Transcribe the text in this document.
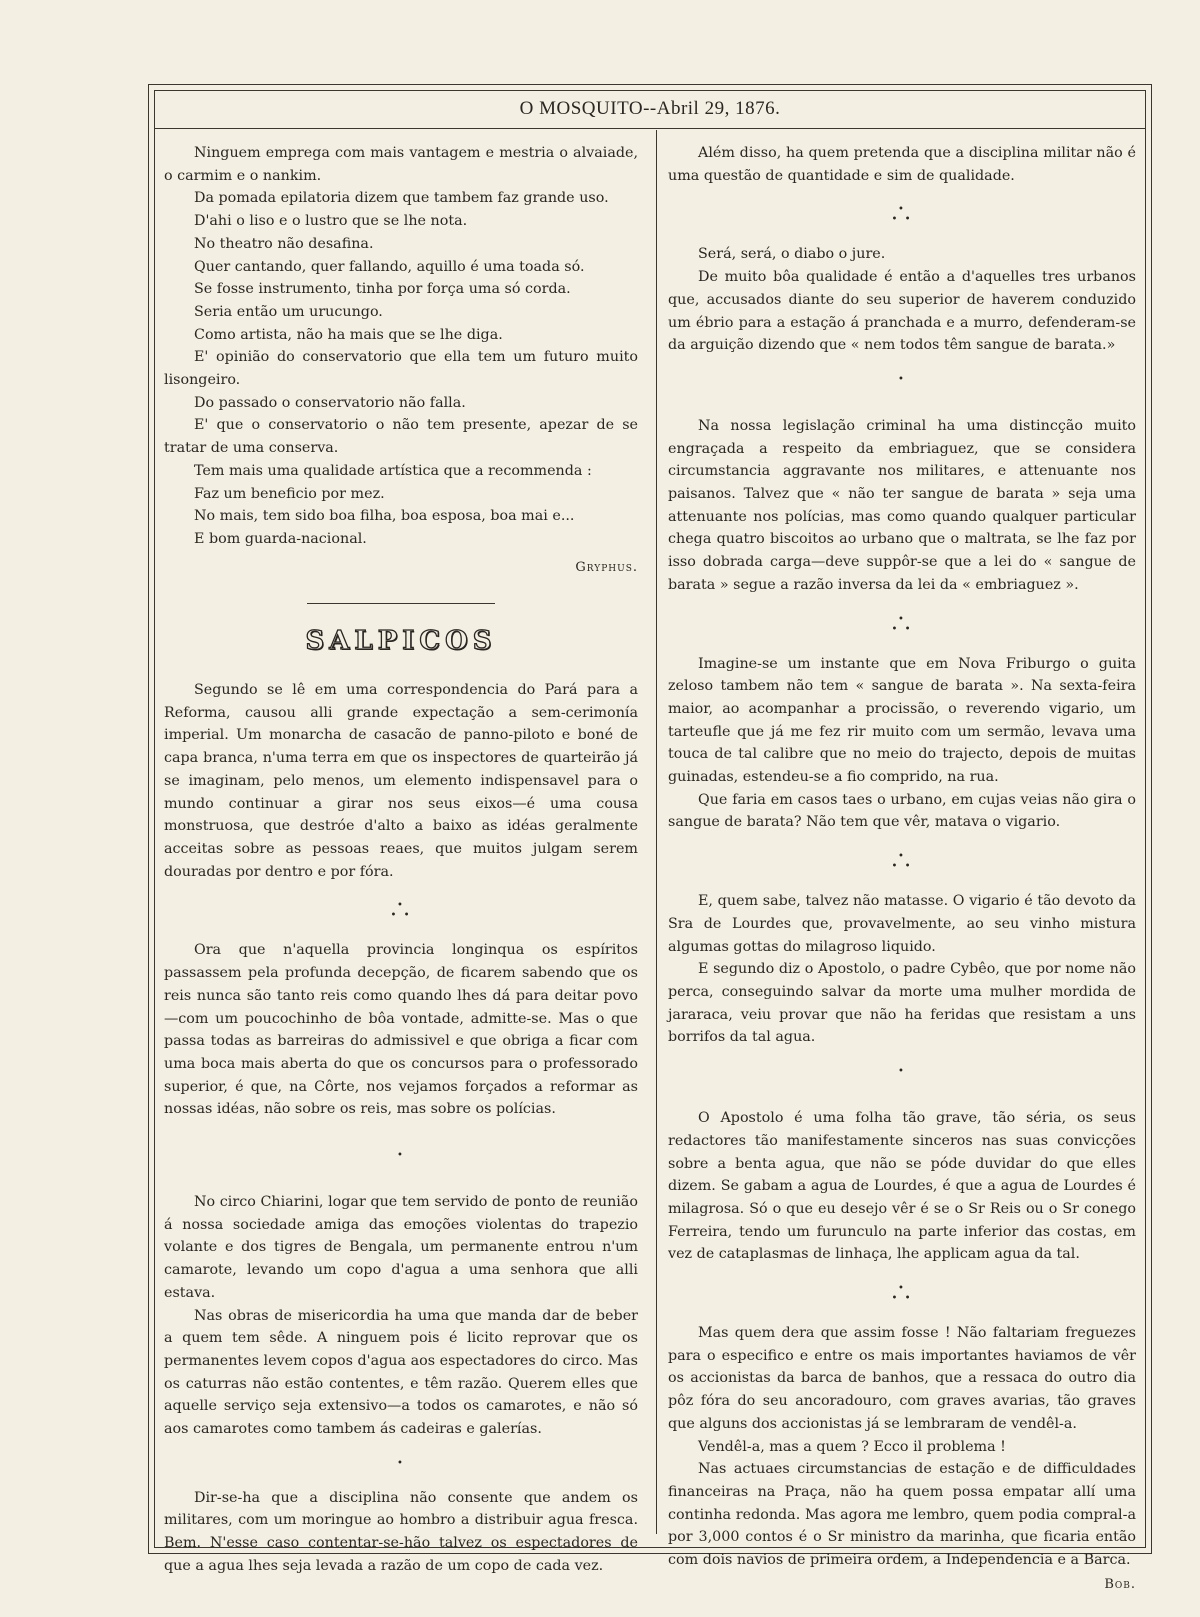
O MOSQUITO--Abril 29, 1876.

Ninguem emprega com mais vantagem e mestria o alvaiade, o carmim e o nankim.

Da pomada epilatoria dizem que tambem faz grande uso.

D'ahi o liso e o lustro que se lhe nota.

No theatro não desafina.

Quer cantando, quer fallando, aquillo é uma toada só.

Se fosse instrumento, tinha por força uma só corda.

Seria então um urucungo.

Como artista, não ha mais que se lhe diga.

E' opinião do conservatorio que ella tem um futuro muito lisongeiro.

Do passado o conservatorio não falla.

E' que o conservatorio o não tem presente, apezar de se tratar de uma conserva.

Tem mais uma qualidade artística que a recommenda :

Faz um beneficio por mez.

No mais, tem sido boa filha, boa esposa, boa mai e...

E bom guarda-nacional.

Gryphus.

SALPICOS

Segundo se lê em uma correspondencia do Pará para a Reforma, causou alli grande expectação a sem-cerimonía imperial. Um monarcha de casacão de panno-piloto e boné de capa branca, n'uma terra em que os inspectores de quarteirão já se imaginam, pelo menos, um elemento indispensavel para o mundo continuar a girar nos seus eixos—é uma cousa monstruosa, que destróe d'alto a baixo as idéas geralmente acceitas sobre as pessoas reaes, que muitos julgam serem douradas por dentro e por fóra.

•
• •

Ora que n'aquella provincia longinqua os espíritos passassem pela profunda decepção, de ficarem sabendo que os reis nunca são tanto reis como quando lhes dá para deitar povo—com um poucochinho de bôa vontade, admitte-se. Mas o que passa todas as barreiras do admissivel e que obriga a ficar com uma boca mais aberta do que os concursos para o professorado superior, é que, na Côrte, nos vejamos forçados a reformar as nossas idéas, não sobre os reis, mas sobre os polícias.

•

No circo Chiarini, logar que tem servido de ponto de reunião á nossa sociedade amiga das emoções violentas do trapezio volante e dos tigres de Bengala, um permanente entrou n'um camarote, levando um copo d'agua a uma senhora que alli estava.

Nas obras de misericordia ha uma que manda dar de beber a quem tem sêde. A ninguem pois é licito reprovar que os permanentes levem copos d'agua aos espectadores do circo. Mas os caturras não estão contentes, e têm razão. Querem elles que aquelle serviço seja extensivo—a todos os camarotes, e não só aos camarotes como tambem ás cadeiras e galerías.

•

Dir-se-ha que a disciplina não consente que andem os militares, com um moringue ao hombro a distribuir agua fresca. Bem. N'esse caso contentar-se-hão talvez os espectadores de que a agua lhes seja levada a razão de um copo de cada vez.

Além disso, ha quem pretenda que a disciplina militar não é uma questão de quantidade e sim de qualidade.

•
• •

Será, será, o diabo o jure.

De muito bôa qualidade é então a d'aquelles tres urbanos que, accusados diante do seu superior de haverem conduzido um ébrio para a estação á pranchada e a murro, defenderam-se da arguição dizendo que « nem todos têm sangue de barata.»

•

Na nossa legislação criminal ha uma distincção muito engraçada a respeito da embriaguez, que se considera circumstancia aggravante nos militares, e attenuante nos paisanos. Talvez que « não ter sangue de barata » seja uma attenuante nos polícias, mas como quando qualquer particular chega quatro biscoitos ao urbano que o maltrata, se lhe faz por isso dobrada carga—deve suppôr-se que a lei do « sangue de barata » segue a razão inversa da lei da « embriaguez ».

•
• •

Imagine-se um instante que em Nova Friburgo o guita zeloso tambem não tem « sangue de barata ». Na sexta-feira maior, ao acompanhar a procissão, o reverendo vigario, um tarteufle que já me fez rir muito com um sermão, levava uma touca de tal calibre que no meio do trajecto, depois de muitas guinadas, estendeu-se a fio comprido, na rua.

Que faria em casos taes o urbano, em cujas veias não gira o sangue de barata? Não tem que vêr, matava o vigario.

•
• •

E, quem sabe, talvez não matasse. O vigario é tão devoto da Sra de Lourdes que, provavelmente, ao seu vinho mistura algumas gottas do milagroso liquido.

E segundo diz o Apostolo, o padre Cybêo, que por nome não perca, conseguindo salvar da morte uma mulher mordida de jararaca, veiu provar que não ha feridas que resistam a uns borrifos da tal agua.

•

O Apostolo é uma folha tão grave, tão séria, os seus redactores tão manifestamente sinceros nas suas convicções sobre a benta agua, que não se póde duvidar do que elles dizem. Se gabam a agua de Lourdes, é que a agua de Lourdes é milagrosa. Só o que eu desejo vêr é se o Sr Reis ou o Sr conego Ferreira, tendo um furunculo na parte inferior das costas, em vez de cataplasmas de linhaça, lhe applicam agua da tal.

•
• •

Mas quem dera que assim fosse ! Não faltariam freguezes para o especifico e entre os mais importantes haviamos de vêr os accionistas da barca de banhos, que a ressaca do outro dia pôz fóra do seu ancoradouro, com graves avarias, tão graves que alguns dos accionistas já se lembraram de vendêl-a.

Vendêl-a, mas a quem ? Ecco il problema !

Nas actuaes circumstancias de estação e de difficuldades financeiras na Praça, não ha quem possa empatar allí uma continha redonda. Mas agora me lembro, quem podia compral-a por 3,000 contos é o Sr ministro da marinha, que ficaria então com dois navios de primeira ordem, a Independencia e a Barca.

Bob.
